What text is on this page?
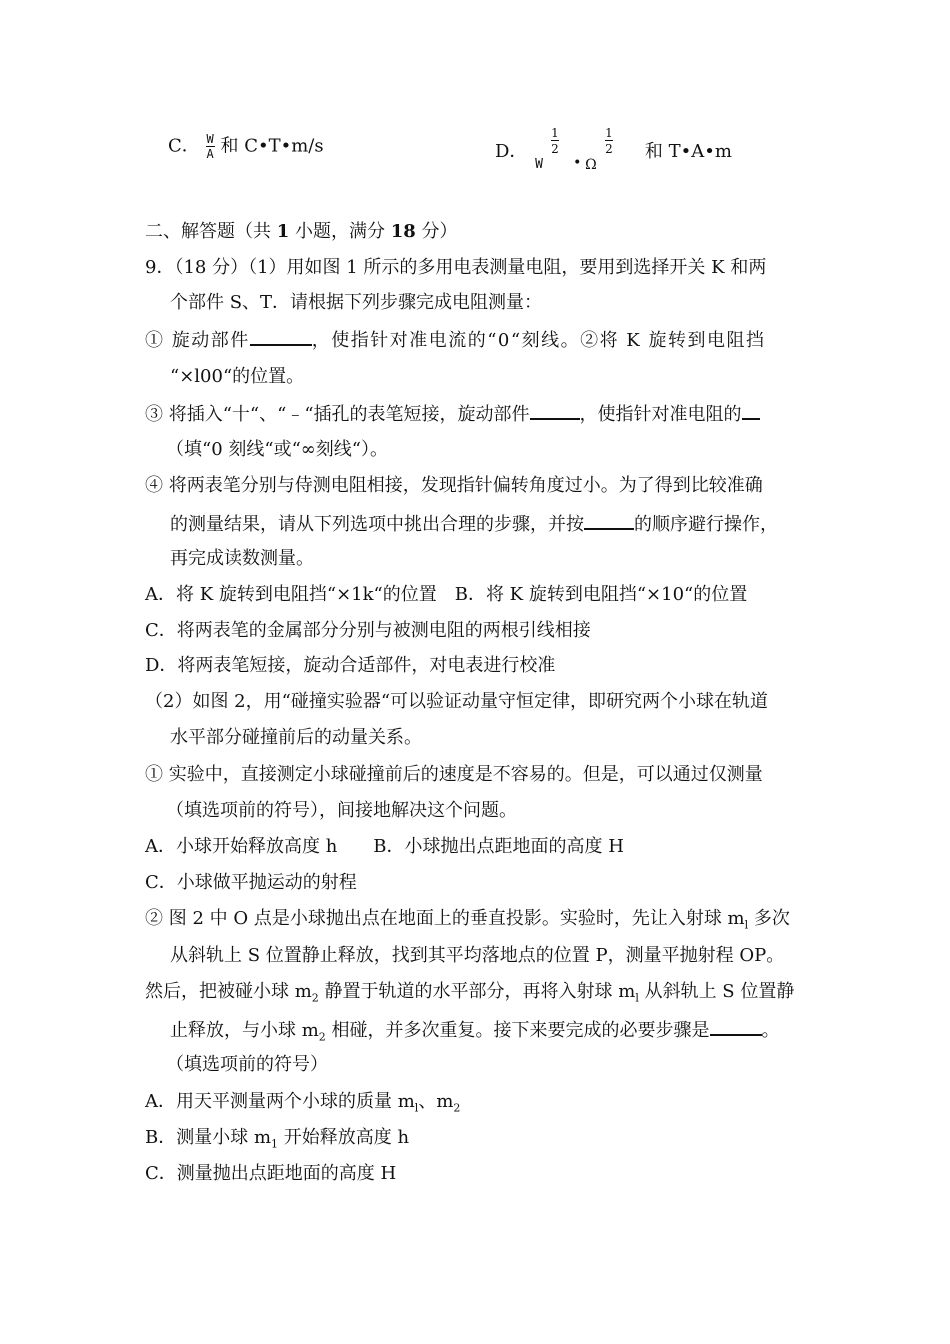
C． $\frac{W}{A}$ 和 C•T•m/s	D．
1
2
W • Ω
1
2 和 T•A•m
二、解答题（共 1 小题，满分 18 分）
9．（18 分）（1）用如图 1 所示的多用电表测量电阻，要用到选择开关 K 和两
个部件 S、T．请根据下列步骤完成电阻测量：
① 旋动部件	，使指针对准电流的“0“刻线。②将 K 旋转到电阻挡
“×l00“的位置。
③ 将插入“十“、“﹣“插孔的表笔短接，旋动部件	，使指针对准电阻的
（填“0 刻线“或“∞刻线“）。
④ 将两表笔分别与侍测电阻相接，发现指针偏转角度过小。为了得到比较准确
的测量结果，请从下列选项中挑出合理的步骤，并按	的顺序避行操作，
再完成读数测量。
A．将 K 旋转到电阻挡“×1k“的位置　B．将 K 旋转到电阻挡“×10“的位置
C．将两表笔的金属部分分别与被测电阻的两根引线相接
D．将两表笔短接，旋动合适部件，对电表进行校准
（2）如图 2，用“碰撞实验器“可以验证动量守恒定律，即研究两个小球在轨道
水平部分碰撞前后的动量关系。
① 实验中，直接测定小球碰撞前后的速度是不容易的。但是，可以通过仅测量
（填选项前的符号），间接地解决这个问题。
A．小球开始释放高度 h　　B．小球抛出点距地面的高度 H
C．小球做平抛运动的射程
② 图 2 中 O 点是小球抛出点在地面上的垂直投影。实验时，先让入射球 $m_l$ 多次
从斜轨上 S 位置静止释放，找到其平均落地点的位置 P，测量平抛射程 OP。
然后，把被碰小球 $m_2$ 静置于轨道的水平部分，再将入射球 $m_l$ 从斜轨上 S 位置静
止释放，与小球 $m_2$ 相碰，并多次重复。接下来要完成的必要步骤是	。
（填选项前的符号）
A．用天平测量两个小球的质量 $m_l$、$m_2$
B．测量小球 $m_1$ 开始释放高度 h
C．测量抛出点距地面的高度 H
